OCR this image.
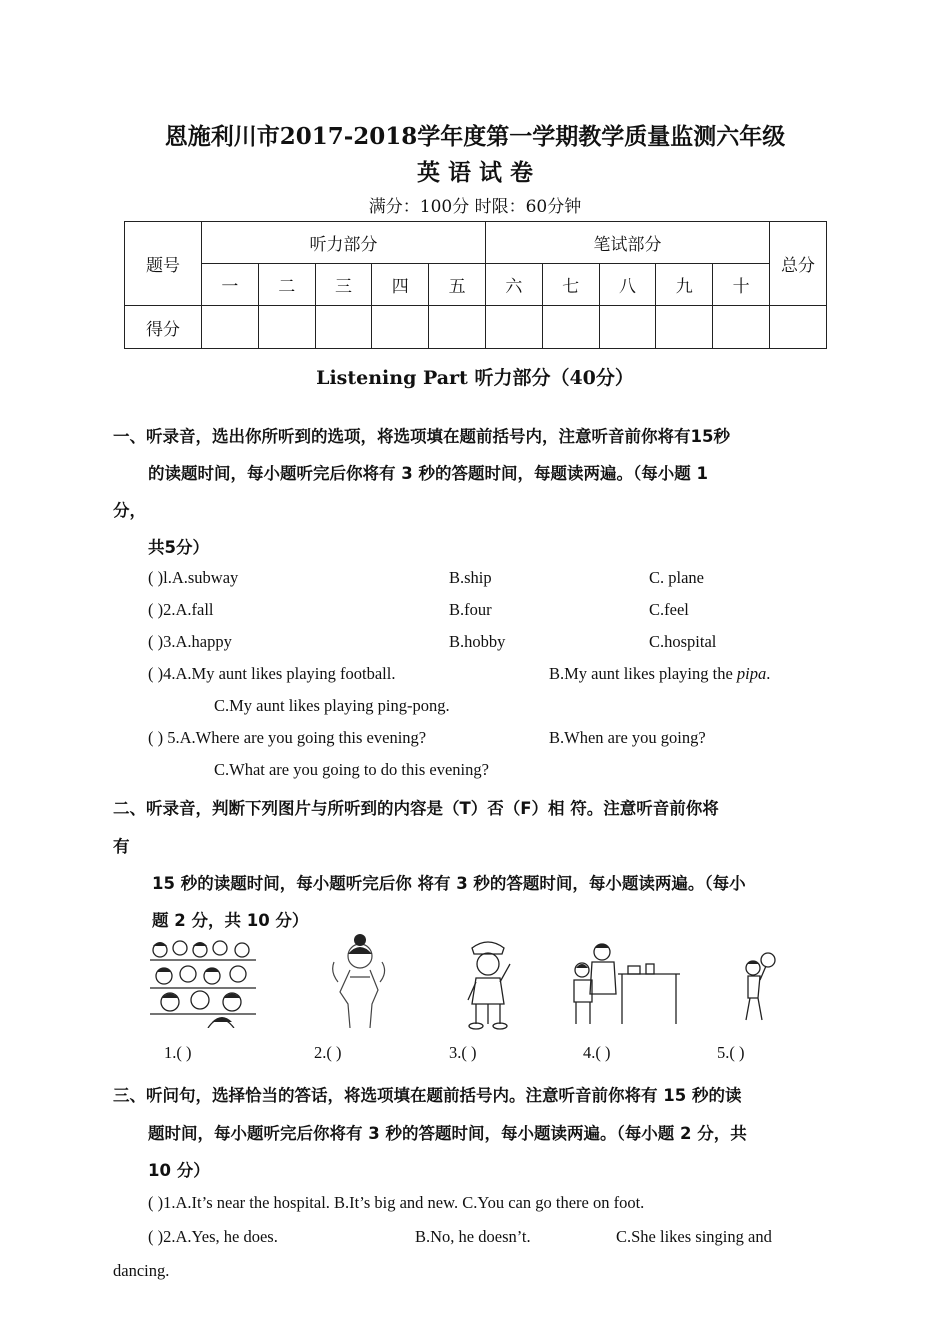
恩施利川市2017-2018学年度第一学期教学质量监测六年级
英 语 试 卷
满分：100分 时限：60分钟
题号	听力部分					笔试部分					总分
	一	二	三	四	五	六	七	八	九	十	
得分											
Listening Part 听力部分（40分）
一、听录音，选出你所听到的选项，将选项填在题前括号内，注意听音前你将有15秒
的读题时间，每小题听完后你将有 3 秒的答题时间，每题读两遍。（每小题 1
分，
共5分）
( )l.A.subway	B.ship	C. plane
( )2.A.fall	B.four	C.feel
( )3.A.happy	B.hobby	C.hospital
( )4.A.My aunt likes playing football.	B.My aunt likes playing the pipa.
C.My aunt likes playing ping-pong.
( ) 5.A.Where are you going this evening?	B.When are you going?
C.What are you going to do this evening?
二、听录音，判断下列图片与所听到的内容是（T）否（F）相 符。注意听音前你将
有
15 秒的读题时间，每小题听完后你 将有 3 秒的答题时间，每小题读两遍。（每小
题 2 分，共 10 分）
1.( )	2.( )	3.( )	4.( )	5.( )
三、听问句，选择恰当的答话，将选项填在题前括号内。注意听音前你将有 15 秒的读
题时间，每小题听完后你将有 3 秒的答题时间，每小题读两遍。（每小题 2 分，共
10 分）
( )1.A.It’s near the hospital. B.It’s big and new. C.You can go there on foot.
( )2.A.Yes, he does.	B.No, he doesn’t.	C.She likes singing and
dancing.
